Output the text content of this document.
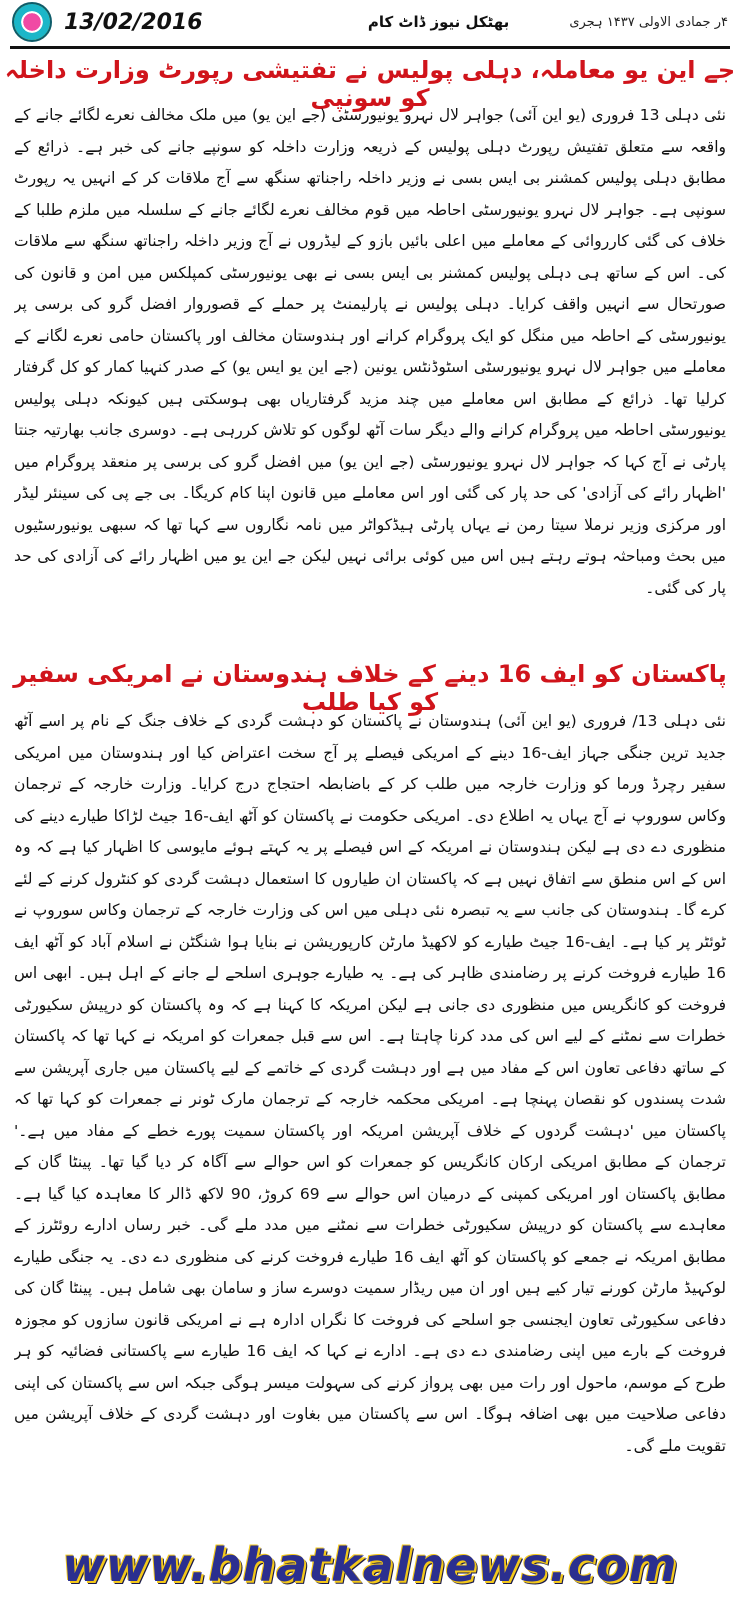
13/02/2016	بھٹکل نیوز ڈاٹ کام	۴ر جمادی الاولی ۱۴۳۷ ہجری
جے این یو معاملہ، دہلی پولیس نے تفتیشی رپورٹ وزارت داخلہ کو سونپی
نئی دہلی 13 فروری (یو این آئی) جواہر لال نہرو یونیورسٹی (جے این یو) میں ملک مخالف نعرے لگائے جانے کے واقعہ سے متعلق تفتیش رپورٹ دہلی پولیس کے ذریعہ وزارت داخلہ کو سونپے جانے کی خبر ہے۔ ذرائع کے مطابق دہلی پولیس کمشنر بی ایس بسی نے وزیر داخلہ راجناتھ سنگھ سے آج ملاقات کر کے انہیں یہ رپورٹ سونپی ہے۔ جواہر لال نہرو یونیورسٹی احاطہ میں قوم مخالف نعرے لگائے جانے کے سلسلہ میں ملزم طلبا کے خلاف کی گئی کارروائی کے معاملے میں اعلی بائیں بازو کے لیڈروں نے آج وزیر داخلہ راجناتھ سنگھ سے ملاقات کی۔ اس کے ساتھ ہی دہلی پولیس کمشنر بی ایس بسی نے بھی یونیورسٹی کمپلکس میں امن و قانون کی صورتحال سے انہیں واقف کرایا۔ دہلی پولیس نے پارلیمنٹ پر حملے کے قصوروار افضل گرو کی برسی پر یونیورسٹی کے احاطہ میں منگل کو ایک پروگرام کرانے اور ہندوستان مخالف اور پاکستان حامی نعرے لگانے کے معاملے میں جواہر لال نہرو یونیورسٹی اسٹوڈنٹس یونین (جے این یو ایس یو) کے صدر کنہیا کمار کو کل گرفتار کرلیا تھا۔ ذرائع کے مطابق اس معاملے میں چند مزید گرفتاریاں بھی ہوسکتی ہیں کیونکہ دہلی پولیس یونیورسٹی احاطہ میں پروگرام کرانے والے دیگر سات آٹھ لوگوں کو تلاش کررہی ہے۔ دوسری جانب بھارتیہ جنتا پارٹی نے آج کہا کہ جواہر لال نہرو یونیورسٹی (جے این یو) میں افضل گرو کی برسی پر منعقد پروگرام میں 'اظہار رائے کی آزادی' کی حد پار کی گئی اور اس معاملے میں قانون اپنا کام کریگا۔ بی جے پی کی سینئر لیڈر اور مرکزی وزیر نرملا سیتا رمن نے یہاں پارٹی ہیڈکواٹر میں نامہ نگاروں سے کہا تھا کہ سبھی یونیورسٹیوں میں بحث ومباحثہ ہوتے رہتے ہیں اس میں کوئی برائی نہیں لیکن جے این یو میں اظہار رائے کی آزادی کی حد پار کی گئی۔
پاکستان کو ایف 16 دینے کے خلاف ہندوستان نے امریکی سفیر کو کیا طلب
نئی دہلی 13/ فروری (یو این آئی) ہندوستان نے پاکستان کو دہشت گردی کے خلاف جنگ کے نام پر اسے آٹھ جدید ترین جنگی جہاز ایف-16 دینے کے امریکی فیصلے پر آج سخت اعتراض کیا اور ہندوستان میں امریکی سفیر رچرڈ ورما کو وزارت خارجہ میں طلب کر کے باضابطہ احتجاج درج کرایا۔ وزارت خارجہ کے ترجمان وکاس سوروپ نے آج یہاں یہ اطلاع دی۔ امریکی حکومت نے پاکستان کو آٹھ ایف-16 جیٹ لڑاکا طیارے دینے کی منظوری دے دی ہے لیکن ہندوستان نے امریکہ کے اس فیصلے پر یہ کہتے ہوئے مایوسی کا اظہار کیا ہے کہ وہ اس کے اس منطق سے اتفاق نہیں ہے کہ پاکستان ان طیاروں کا استعمال دہشت گردی کو کنٹرول کرنے کے لئے کرے گا۔ ہندوستان کی جانب سے یہ تبصرہ نئی دہلی میں اس کی وزارت خارجہ کے ترجمان وکاس سوروپ نے ٹوئٹر پر کیا ہے۔ ایف-16 جیٹ طیارے کو لاکھیڈ مارٹن کارپوریشن نے بنایا ہوا شنگٹن نے اسلام آباد کو آٹھ ایف 16 طیارے فروخت کرنے پر رضامندی ظاہر کی ہے۔ یہ طیارے جوہری اسلحے لے جانے کے اہل ہیں۔ ابھی اس فروخت کو کانگریس میں منظوری دی جانی ہے لیکن امریکہ کا کہنا ہے کہ وہ پاکستان کو درپیش سکیورٹی خطرات سے نمٹنے کے لیے اس کی مدد کرنا چاہتا ہے۔ اس سے قبل جمعرات کو امریکہ نے کہا تھا کہ پاکستان کے ساتھ دفاعی تعاون اس کے مفاد میں ہے اور دہشت گردی کے خاتمے کے لیے پاکستان میں جاری آپریشن سے شدت پسندوں کو نقصان پہنچا ہے۔ امریکی محکمہ خارجہ کے ترجمان مارک ٹونر نے جمعرات کو کہا تھا کہ پاکستان میں 'دہشت گردوں کے خلاف آپریشن امریکہ اور پاکستان سمیت پورے خطے کے مفاد میں ہے۔' ترجمان کے مطابق امریکی ارکان کانگریس کو جمعرات کو اس حوالے سے آگاہ کر دیا گیا تھا۔ پینٹا گان کے مطابق پاکستان اور امریکی کمپنی کے درمیان اس حوالے سے 69 کروڑ، 90 لاکھ ڈالر کا معاہدہ کیا گیا ہے۔ معاہدے سے پاکستان کو درپیش سکیورٹی خطرات سے نمٹنے میں مدد ملے گی۔ خبر رساں ادارے روئٹرز کے مطابق امریکہ نے جمعے کو پاکستان کو آٹھ ایف 16 طیارے فروخت کرنے کی منظوری دے دی۔ یہ جنگی طیارے لوکہیڈ مارٹن کورنے تیار کیے ہیں اور ان میں ریڈار سمیت دوسرے ساز و سامان بھی شامل ہیں۔ پینٹا گان کی دفاعی سکیورٹی تعاون ایجنسی جو اسلحے کی فروخت کا نگراں ادارہ ہے نے امریکی قانون سازوں کو مجوزہ فروخت کے بارے میں اپنی رضامندی دے دی ہے۔ ادارے نے کہا کہ ایف 16 طیارے سے پاکستانی فضائیہ کو ہر طرح کے موسم، ماحول اور رات میں بھی پرواز کرنے کی سہولت میسر ہوگی جبکہ اس سے پاکستان کی اپنی دفاعی صلاحیت میں بھی اضافہ ہوگا۔ اس سے پاکستان میں بغاوت اور دہشت گردی کے خلاف آپریشن میں تقویت ملے گی۔
www.bhatkalnews.com
